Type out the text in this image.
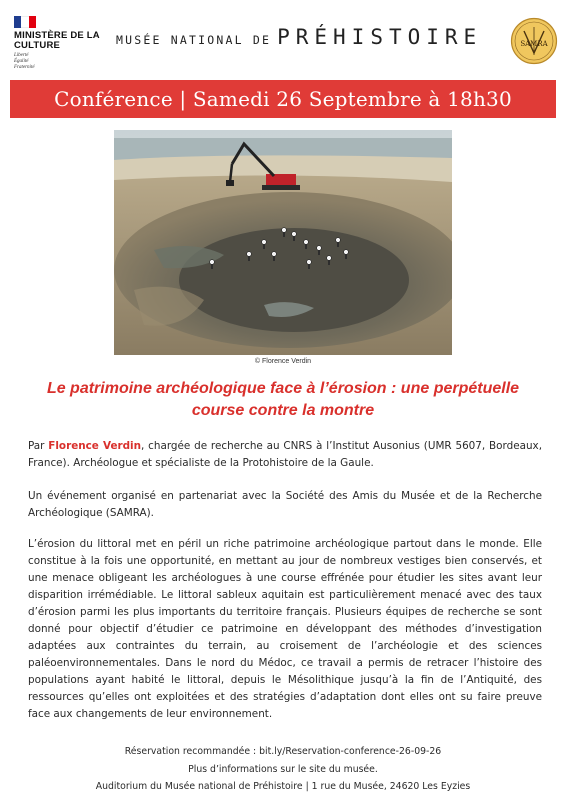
MINISTÈRE DE LA CULTURE
Liberté
Égalité
Fraternité
MUSÉE NATIONAL DE PRÉHISTOIRE	SAMRA
Conférence | Samedi 26 Septembre à 18h30
© Florence Verdin
Le patrimoine archéologique face à l’érosion : une perpétuelle course contre la montre
Par Florence Verdin, chargée de recherche au CNRS à l’Institut Ausonius (UMR 5607, Bordeaux, France). Archéologue et spécialiste de la Protohistoire de la Gaule.
Un événement organisé en partenariat avec la Société des Amis du Musée et de la Recherche Archéologique (SAMRA).
L’érosion du littoral met en péril un riche patrimoine archéologique partout dans le monde. Elle constitue à la fois une opportunité, en mettant au jour de nombreux vestiges bien conservés, et une menace obligeant les archéologues à une course effrénée pour étudier les sites avant leur disparition irrémédiable. Le littoral sableux aquitain est particulièrement menacé avec des taux d’érosion parmi les plus importants du territoire français. Plusieurs équipes de recherche se sont donné pour objectif d’étudier ce patrimoine en développant des méthodes d’investigation adaptées aux contraintes du terrain, au croisement de l’archéologie et des sciences paléoenvironnementales. Dans le nord du Médoc, ce travail a permis de retracer l’histoire des populations ayant habité le littoral, depuis le Mésolithique jusqu’à la fin de l’Antiquité, des ressources qu’elles ont exploitées et des stratégies d’adaptation dont elles ont su faire preuve face aux changements de leur environnement.
Réservation recommandée : bit.ly/Reservation-conference-26-09-26
Plus d’informations sur le site du musée.
Auditorium du Musée national de Préhistoire | 1 rue du Musée, 24620 Les Eyzies
